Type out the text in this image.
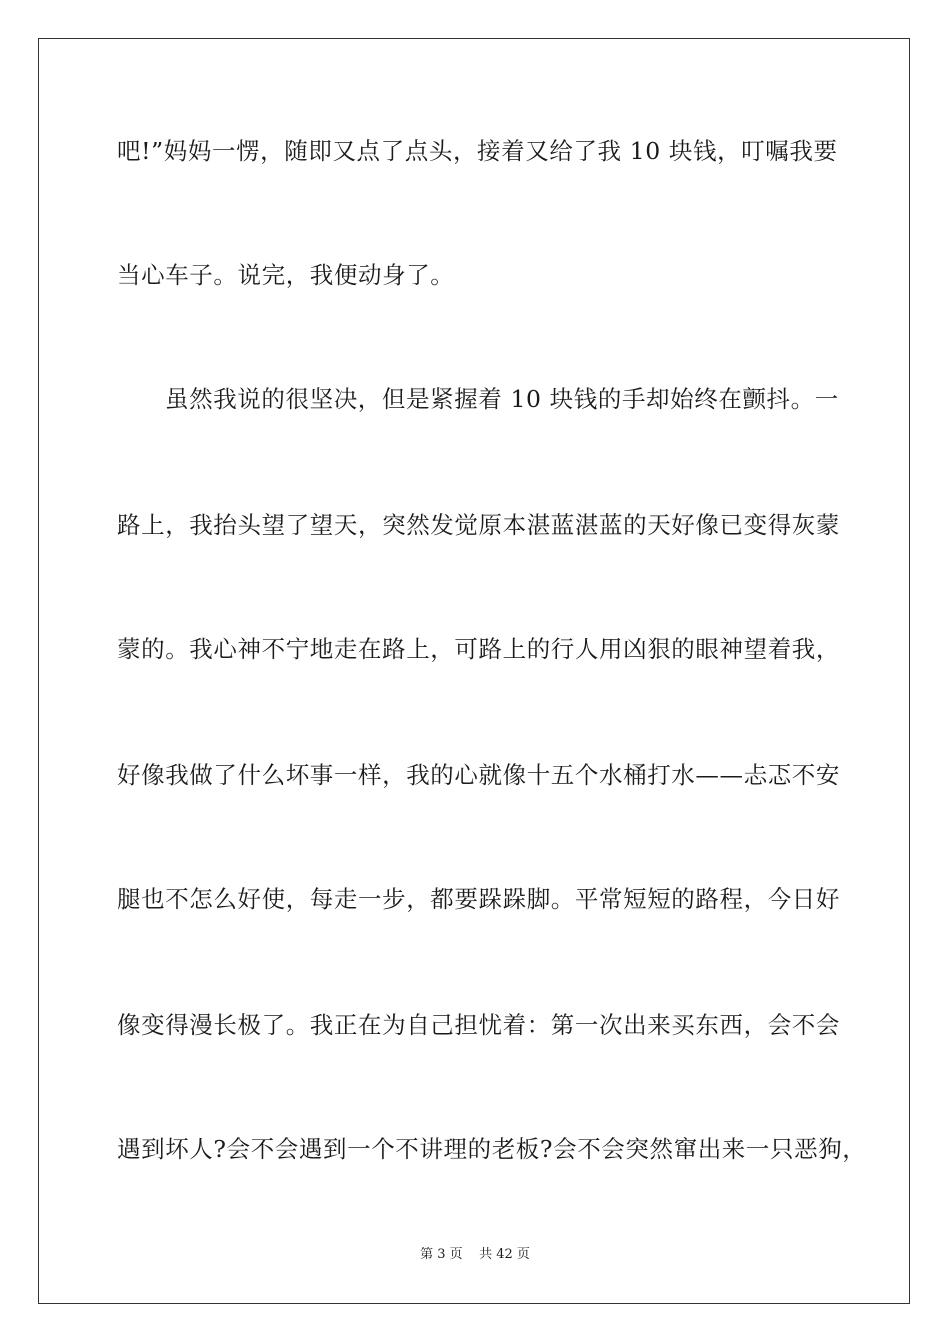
吧!”妈妈一愣，随即又点了点头，接着又给了我 10 块钱，叮嘱我要
当心车子。说完，我便动身了。
虽然我说的很坚决，但是紧握着 10 块钱的手却始终在颤抖。一
路上，我抬头望了望天，突然发觉原本湛蓝湛蓝的天好像已变得灰蒙
蒙的。我心神不宁地走在路上，可路上的行人用凶狠的眼神望着我，
好像我做了什么坏事一样，我的心就像十五个水桶打水——忐忑不安
腿也不怎么好使，每走一步，都要跺跺脚。平常短短的路程，今日好
像变得漫长极了。我正在为自己担忧着：第一次出来买东西，会不会
遇到坏人?会不会遇到一个不讲理的老板?会不会突然窜出来一只恶狗，
第 3 页    共 42 页
